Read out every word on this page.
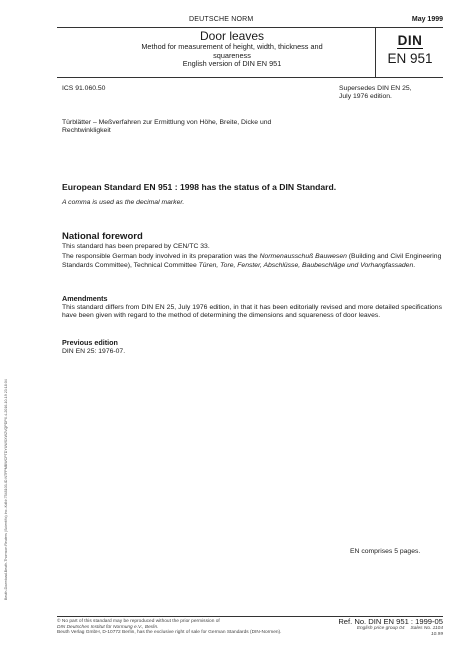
Beuth-Download-Beuth-Thomson Reuters (Scientific) Inc.-KdNr.7548103-ID.NTFPMBWCPTDYUWSXWZVQPDPX.4-2016-10-19 23:18:04
DEUTSCHE NORM	May 1999
Door leaves
Method for measurement of height, width, thickness and
squareness
English version of DIN EN 951
DIN
EN 951
ICS 91.060.50	Supersedes DIN EN 25,
July 1976 edition.
Türblätter – Meßverfahren zur Ermittlung von Höhe, Breite, Dicke und
Rechtwinkligkeit
European Standard EN 951 : 1998 has the status of a DIN Standard.
A comma is used as the decimal marker.
National foreword

This standard has been prepared by CEN/TC 33.

The responsible German body involved in its preparation was the Normenausschuß Bauwesen (Building and Civil Engineering Standards Committee), Technical Committee Türen, Tore, Fenster, Abschlüsse, Baubeschläge und Vorhangfassaden.

Amendments
This standard differs from DIN EN 25, July 1976 edition, in that it has been editorially revised and more detailed specifications have been given with regard to the method of determining the dimensions and squareness of door leaves.
Previous edition
DIN EN 25: 1976-07.
EN comprises 5 pages.
© No part of this standard may be reproduced without the prior permission of
DIN Deutsches Institut für Normung e.V., Berlin.
Beuth Verlag GmbH, D-10772 Berlin, has the exclusive right of sale for German Standards (DIN-Normen).
Ref. No. DIN EN 951 : 1999-05
English price group 04 Sales No. 1104
10.99
